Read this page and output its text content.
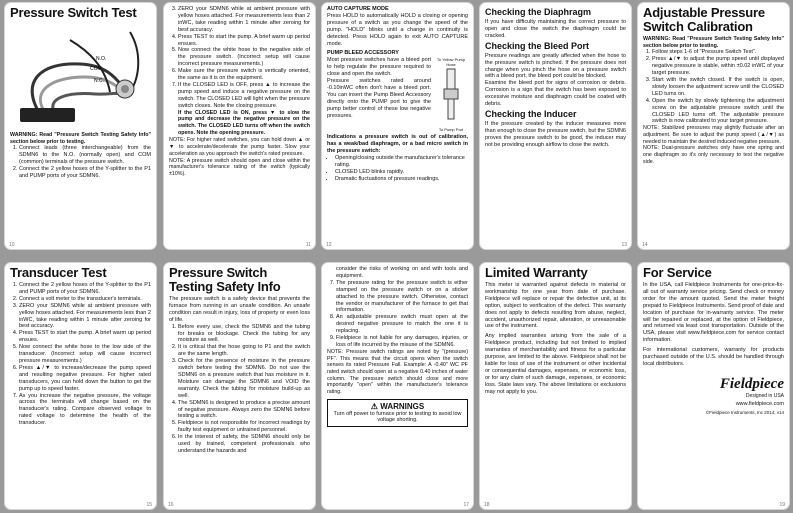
Pressure Switch Test
N.O.
COM
N.C.
WARNING: Read "Pressure Switch Testing Safety Info" section below prior to testing.
1. Connect leads (three interchangeable) from the SDMN6 to the N.O. (normally open) and COM (common) terminals of the pressure switch.
2. Connect the 2 yellow hoses of the Y-splitter to the P1 and PUMP ports of your SDMN6.
10
3. ZERO your SDMN6 while at ambient pressure with yellow hoses attached. For measurements less than 2 inWC, take reading within 1 minute after zeroing for best accuracy.
4. Press TEST to start the pump. A brief warm up period ensues.
5. Now connect the white hose to the negative side of the pressure switch. (Incorrect setup will cause incorrect pressure measurements.)
6. Make sure the pressure switch is vertically oriented, the same as it is on the equipment.
7. If the CLOSED LED is OFF, press ▲ to increase the pump speed and induce a negative pressure on the switch. The CLOSED LED will light when the pressure switch closes. Note the closing pressure.
If the CLOSED LED is ON, press ▼ to slow the pump and decrease the negative pressure on the switch. The CLOSED LED turns off when the switch opens. Note the opening pressure.
NOTE: For higher rated switches, you can hold down ▲ or ▼ to accelerate/decelerate the pump faster. Slow your acceleration as you approach the switch's rated pressure.
NOTE: A pressure switch should open and close within the manufacturer's tolerance rating of the switch (typically ±10%).
11
AUTO CAPTURE MODE
Press HOLD to automatically HOLD a closing or opening pressure of a switch as you change the speed of the pump. "HOLD" blinks until a change in continuity is detected. Press HOLD again to exit AUTO CAPTURE mode.
PUMP BLEED ACCESSORY
Most pressure switches have a bleed port to help regulate the pressure required to close and open the switch.
Pressure switches rated around -0.10inWC often don't have a bleed port. You can insert the Pump Bleed Accessory directly onto the PUMP port to give the pump better control of these low negative pressures.
To Yellow Pump Hose
To Pump Port
Indications a pressure switch is out of calibration, has a weak/bad diaphragm, or a bad micro switch in the pressure switch:
• Opening/closing outside the manufacturer's tolerance rating.
• CLOSED LED blinks rapidly.
• Dramatic fluctuations of pressure readings.
12
Checking the Diaphragm
If you have difficulty maintaining the correct pressure to open and close the switch the diaphragm could be cracked.
Checking the Bleed Port
Pressure readings are greatly affected when the hose to the pressure switch is pinched. If the pressure does not change when you pinch the hose on a pressure switch with a bleed port, the bleed port could be blocked.
Examine the bleed port for signs of corrosion or debris. Corrosion is a sign that the switch has been exposed to excessive moisture and diaphragm could be coated with debris.
Checking the Inducer
If the pressure created by the inducer measures more than enough to close the pressure switch, but the SDMN6 proves the pressure switch to be good, the inducer may not be providing enough airflow to close the switch.
13
Adjustable Pressure Switch Calibration
WARNING: Read "Pressure Switch Testing Safety Info" section below prior to testing.
1. Follow steps 1-6 of "Pressure Switch Test".
2. Press ▲/▼ to adjust the pump speed until displayed negative pressure is stable, within ±0.02 inWC of your target pressure.
3. Start with the switch closed. If the switch is open, slowly loosen the adjustment screw until the CLOSED LED turns on.
4. Open the switch by slowly tightening the adjustment screw on the adjustable pressure switch until the CLOSED LED turns off. The adjustable pressure switch is now calibrated to your target pressure.
NOTE: Stabilized pressures may slightly fluctuate after an adjustment. Be sure to adjust the pump speed (▲/▼) as needed to maintain the desired induced negative pressure.
NOTE: Dual-pressure switches only have one spring and one diaphragm so it's only necessary to test the negative side.
14
Transducer Test
1. Connect the 2 yellow hoses of the Y-splitter to the P1 and PUMP ports of your SDMN6.
2. Connect a volt meter to the transducer's terminals.
3. ZERO your SDMN6 while at ambient pressure with yellow hoses attached. For measurements less than 2 inWC, take reading within 1 minute after zeroing for best accuracy.
4. Press TEST to start the pump. A brief warm up period ensues.
5. Now connect the white hose to the low side of the transducer. (Incorrect setup will cause incorrect pressure measurements.)
6. Press ▲/▼ to increase/decrease the pump speed and resulting negative pressure. For higher rated transducers, you can hold down the button to get the pump up to speed faster.
7. As you increase the negative pressure, the voltage across the terminals will change based on the transducer's rating. Compare observed voltage to rated voltage to determine the health of the transducer.
15
Pressure Switch Testing Safety Info
The pressure switch is a safety device that prevents the furnace from running in an unsafe condition. An unsafe condition can result in injury, loss of property or even loss of life.
1. Before every use, check the SDMN6 and the tubing for breaks or blockage. Check the tubing for any moisture as well.
2. It is critical that the hose going to P1 and the switch are the same length.
3. Check for the presence of moisture in the pressure switch before testing the SDMN6. Do not use the SDMN6 on a pressure switch that has moisture in it. Moisture can damage the SDMN6 and VOID the warranty. Check the tubing for moisture build-up as well.
4. The SDMN6 is designed to produce a precise amount of negative pressure. Always zero the SDMN6 before testing a switch.
5. Fieldpiece is not responsible for incorrect readings by faulty test equipment or untrained personnel.
6. In the interest of safety, the SDMN6 should only be used by trained, competent professionals who understand the hazards and
16
consider the risks of working on and with tools and equipment.
7. The pressure rating for the pressure switch is either stamped on the pressure switch or on a sticker attached to the pressure switch. Otherwise, contact the vendor or manufacturer of the furnace to get that information.
8. An adjustable pressure switch must open at the desired negative pressure to match the one it is replacing.
9. Fieldpiece is not liable for any damages, injuries, or loss of life incurred by the misuse of the SDMN6.
NOTE: Pressure switch ratings are noted by "(pressure) PF". This means that the circuit opens when the switch senses its rated Pressure Fall. Example: A -0.40" WC PF rated switch should open at a negative 0.40 inches of water column. The pressure switch should close and more importantly "open" within the manufacturer's tolerance rating.
⚠ WARNINGS
Turn off power to furnace prior to testing to avoid low voltage shorting.
17
Limited Warranty
This meter is warranted against defects in material or workmanship for one year from date of purchase. Fieldpiece will replace or repair the defective unit, at its option, subject to verification of the defect. This warranty does not apply to defects resulting from abuse, neglect, accident, unauthorized repair, alteration, or unreasonable use of the instrument.
Any implied warranties arising from the sale of a Fieldpiece product, including but not limited to implied warranties of merchantability and fitness for a particular purpose, are limited to the above. Fieldpiece shall not be liable for loss of use of the instrument or other incidental or consequential damages, expenses, or economic loss, or for any claim of such damage, expenses, or economic loss. State laws vary. The above limitations or exclusions may not apply to you.
18
For Service
In the USA, call Fieldpiece Instruments for one-price-fix-all out of warranty service pricing. Send check or money order for the amount quoted. Send the meter freight prepaid to Fieldpiece Instruments. Send proof of date and location of purchase for in-warranty service. The meter will be repaired or replaced, at the option of Fieldpiece, and returned via least cost transportation. Outside of the USA, please visit www.fieldpiece.com for service contact information.
For international customers, warranty for products purchased outside of the U.S. should be handled through local distributors.
Fieldpiece
Designed in USA
www.fieldpiece.com
©Fieldpiece Instruments, Inc 2014; v14
19
